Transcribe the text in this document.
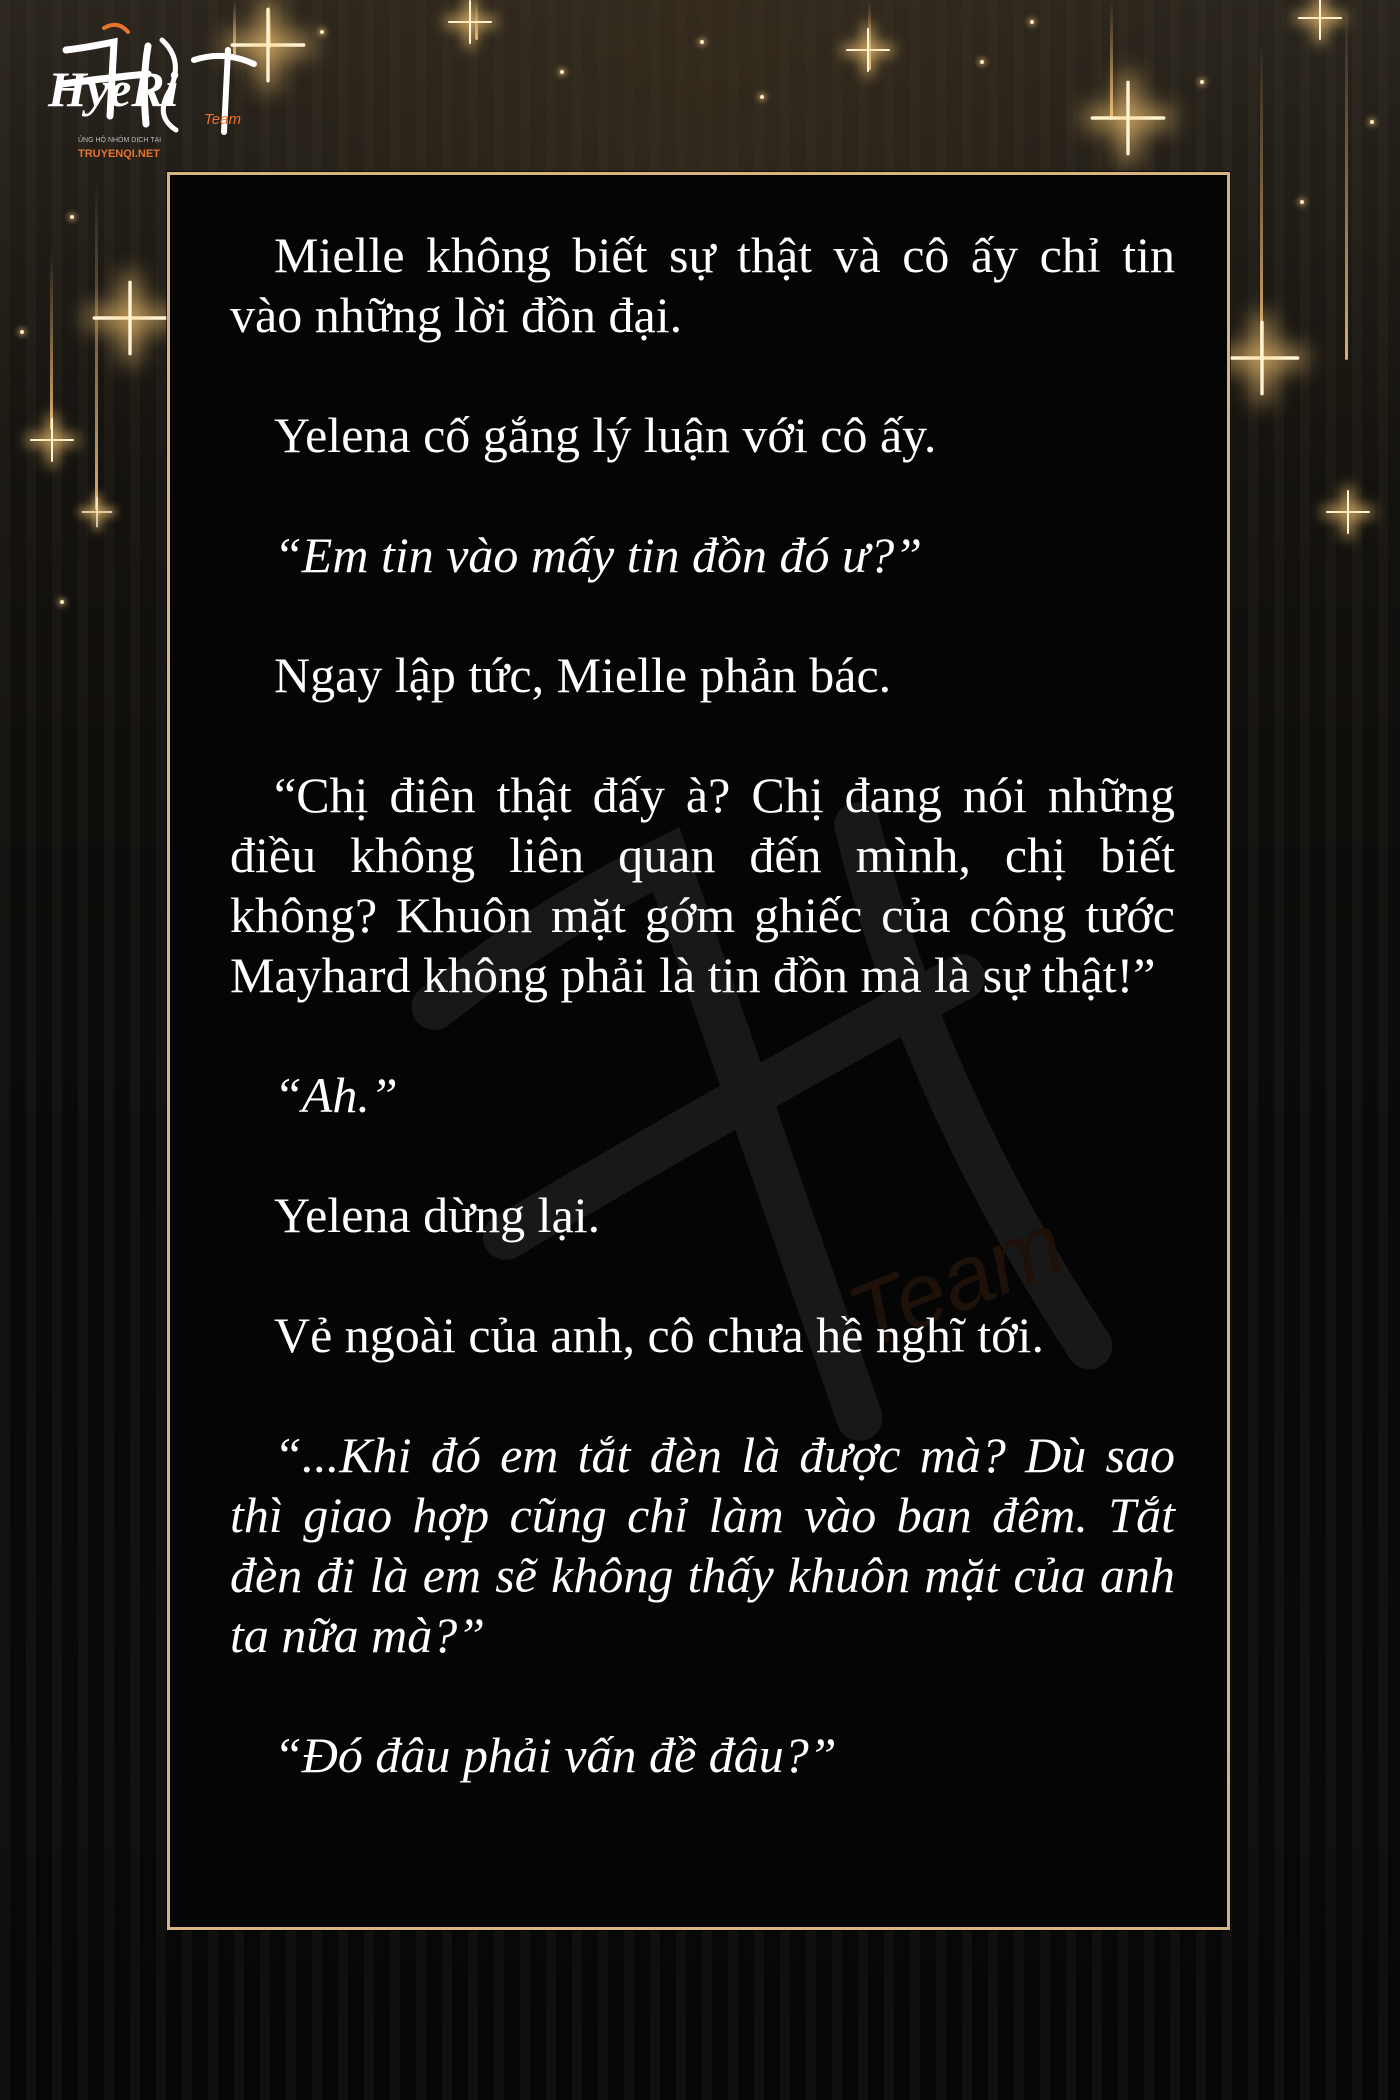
HyeRi
Team
ỦNG HỘ NHÓM DỊCH TẠI
TRUYENQI.NET
Team

Mielle không biết sự thật và cô ấy chỉ tin vào những lời đồn đại.

Yelena cố gắng lý luận với cô ấy.

“Em tin vào mấy tin đồn đó ư?”

Ngay lập tức, Mielle phản bác.

“Chị điên thật đấy à? Chị đang nói những điều không liên quan đến mình, chị biết không? Khuôn mặt gớm ghiếc của công tước Mayhard không phải là tin đồn mà là sự thật!”

“Ah.”

Yelena dừng lại.

Vẻ ngoài của anh, cô chưa hề nghĩ tới.

“...Khi đó em tắt đèn là được mà? Dù sao thì giao hợp cũng chỉ làm vào ban đêm. Tắt đèn đi là em sẽ không thấy khuôn mặt của anh ta nữa mà?”

“Đó đâu phải vấn đề đâu?”
